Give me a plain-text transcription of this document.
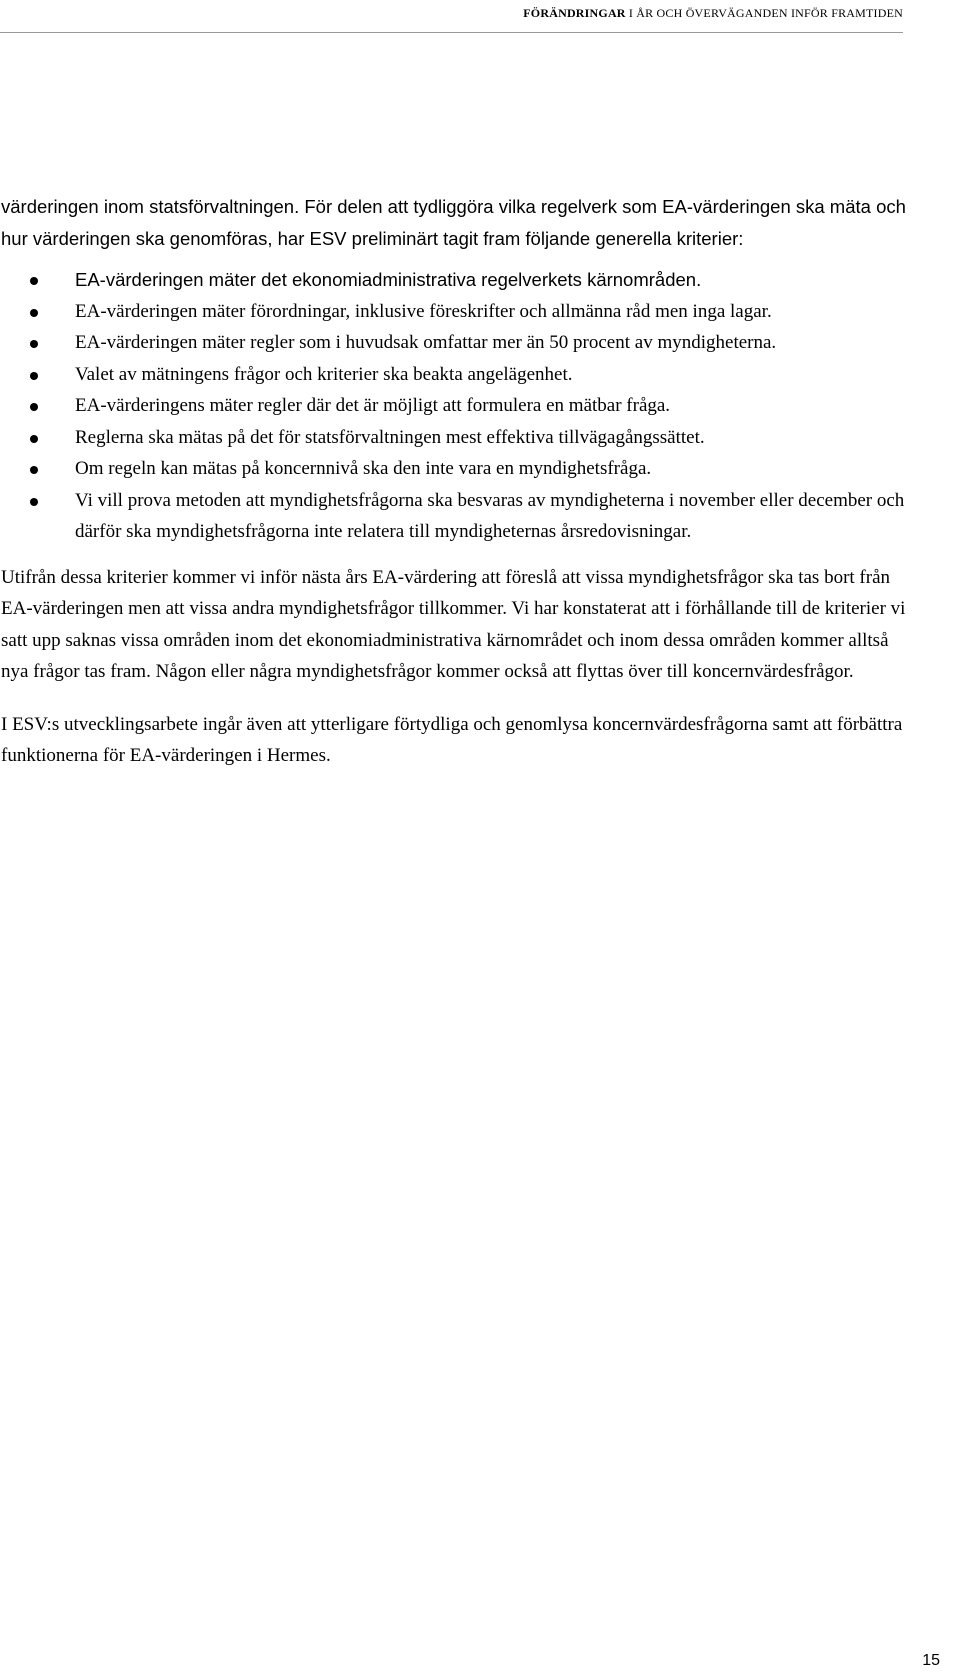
FÖRÄNDRINGAR I ÅR OCH ÖVERVÄGANDEN INFÖR FRAMTIDEN

värderingen inom statsförvaltningen. För delen att tydliggöra vilka regelverk som EA-värderingen ska mäta och hur värderingen ska genomföras, har ESV preliminärt tagit fram följande generella kriterier:

EA-värderingen mäter det ekonomiadministrativa regelverkets kärnområden.
EA-värderingen mäter förordningar, inklusive föreskrifter och allmänna råd men inga lagar.
EA-värderingen mäter regler som i huvudsak omfattar mer än 50 procent av myndigheterna.
Valet av mätningens frågor och kriterier ska beakta angelägenhet.
EA-värderingens mäter regler där det är möjligt att formulera en mätbar fråga.
Reglerna ska mätas på det för statsförvaltningen mest effektiva tillvägagångssättet.
Om regeln kan mätas på koncernnivå ska den inte vara en myndighetsfråga.
Vi vill prova metoden att myndighetsfrågorna ska besvaras av myndigheterna i november eller december och därför ska myndighetsfrågorna inte relatera till myndigheternas årsredovisningar.

Utifrån dessa kriterier kommer vi inför nästa års EA-värdering att föreslå att vissa myndighetsfrågor ska tas bort från EA-värderingen men att vissa andra myndighetsfrågor tillkommer. Vi har konstaterat att i förhållande till de kriterier vi satt upp saknas vissa områden inom det ekonomiadministrativa kärnområdet och inom dessa områden kommer alltså nya frågor tas fram. Någon eller några myndighetsfrågor kommer också att flyttas över till koncernvärdesfrågor.

I ESV:s utvecklingsarbete ingår även att ytterligare förtydliga och genomlysa koncernvärdesfrågorna samt att förbättra funktionerna för EA-värderingen i Hermes.

15
